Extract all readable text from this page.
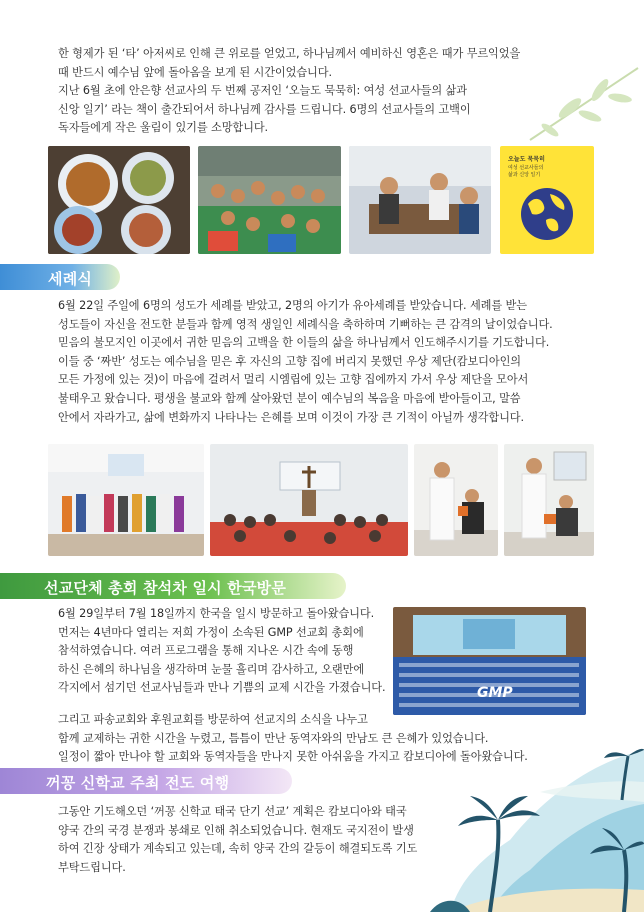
한 형제가 된 ‘타’ 아저씨로 인해 큰 위로를 얻었고, 하나님께서 예비하신 영혼은 때가 무르익었을
때 반드시 예수님 앞에 돌아옴을 보게 된 시간이었습니다.
지난 6월 초에 안은향 선교사의 두 번째 공저인 ‘오늘도 묵묵히: 여성 선교사들의 삶과
신앙 일기’ 라는 책이 출간되어서 하나님께 감사를 드립니다. 6명의 선교사들의 고백이
독자들에게 작은 울림이 있기를 소망합니다.
오늘도 묵묵히
여성 선교사들의
삶과 신앙 일기
세례식
6월 22일 주일에 6명의 성도가 세례를 받았고, 2명의 아기가 유아세례를 받았습니다. 세례를 받는
성도들이 자신을 전도한 분들과 함께 영적 생일인 세례식을 축하하며 기뻐하는 큰 감격의 날이었습니다.
믿음의 불모지인 이곳에서 귀한 믿음의 고백을 한 이들의 삶을 하나님께서 인도해주시기를 기도합니다.
이들 중 ‘짜반’ 성도는 예수님을 믿은 후 자신의 고향 집에 버리지 못했던 우상 제단(캄보디아인의
모든 가정에 있는 것)이 마음에 걸려서 멀리 시엠립에 있는 고향 집에까지 가서 우상 제단을 모아서
불태우고 왔습니다. 평생을 불교와 함께 살아왔던 분이 예수님의 복음을 마음에 받아들이고, 말씀
안에서 자라가고, 삶에 변화까지 나타나는 은혜를 보며 이것이 가장 큰 기적이 아닐까 생각합니다.
선교단체 총회 참석차 일시 한국방문
6월 29일부터 7월 18일까지 한국을 일시 방문하고 돌아왔습니다.
먼저는 4년마다 열리는 저희 가정이 소속된 GMP 선교회 총회에
참석하였습니다. 여러 프로그램을 통해 지나온 시간 속에 동행
하신 은혜의 하나님을 생각하며 눈물 흘리며 감사하고, 오랜만에
각지에서 섬기던 선교사님들과 만나 기쁨의 교제 시간을 가졌습니다.	GMP
그리고 파송교회와 후원교회를 방문하여 선교지의 소식을 나누고
함께 교제하는 귀한 시간을 누렸고, 틈틈이 만난 동역자와의 만남도 큰 은혜가 있었습니다.
일정이 짧아 만나야 할 교회와 동역자들을 만나지 못한 아쉬움을 가지고 캄보디아에 돌아왔습니다.
꺼꽁 신학교 주최 전도 여행
그동안 기도해오던 ‘꺼꽁 신학교 태국 단기 선교’ 계획은 캄보디아와 태국
양국 간의 국경 분쟁과 봉쇄로 인해 취소되었습니다. 현재도 국지전이 발생
하여 긴장 상태가 계속되고 있는데, 속히 양국 간의 갈등이 해결되도록 기도
부탁드립니다.
